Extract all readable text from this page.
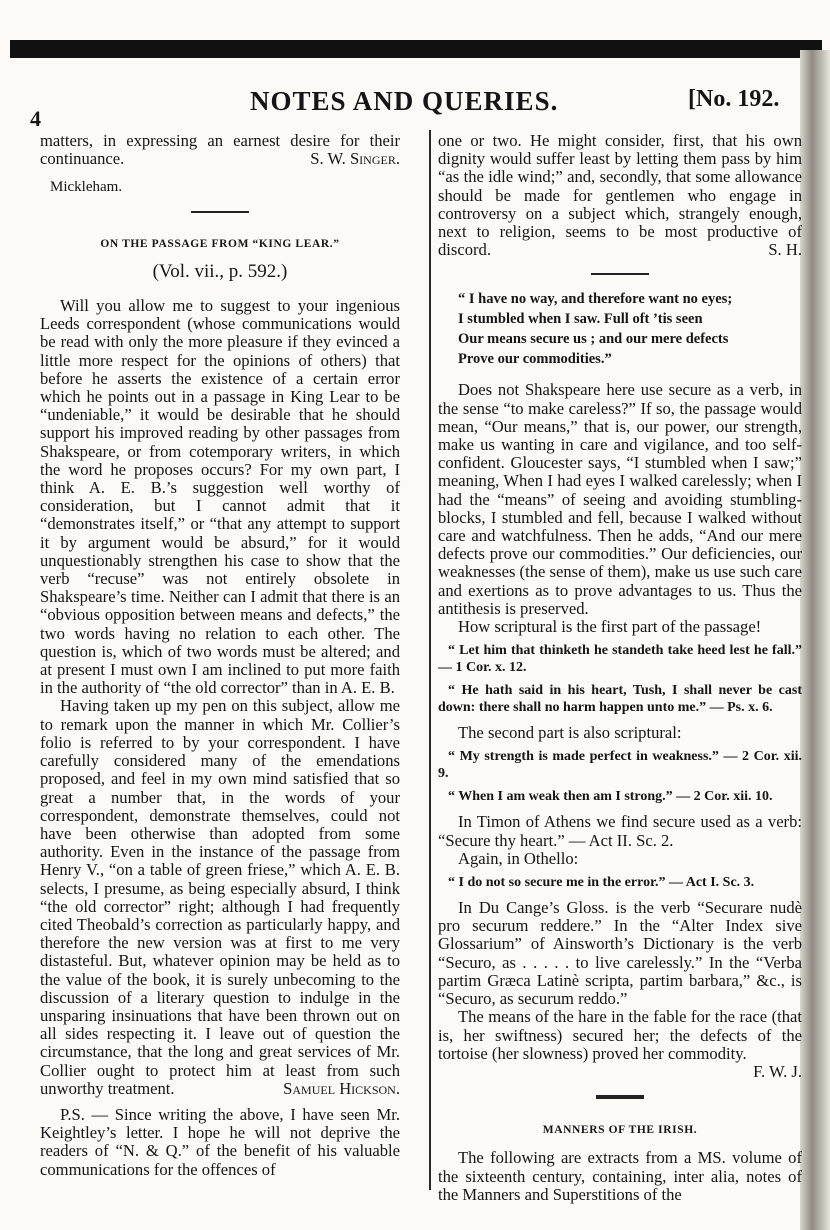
4
NOTES AND QUERIES.	[No. 192.

matters, in expressing an earnest desire for their continuance.	S. W. Singer.

Mickleham.

ON THE PASSAGE FROM “KING LEAR.”
(Vol. vii., p. 592.)

Will you allow me to suggest to your ingenious Leeds correspondent (whose communications would be read with only the more pleasure if they evinced a little more respect for the opinions of others) that before he asserts the existence of a certain error which he points out in a passage in King Lear to be “undeniable,” it would be desirable that he should support his improved reading by other passages from Shakspeare, or from cotemporary writers, in which the word he proposes occurs? For my own part, I think A. E. B.’s suggestion well worthy of consideration, but I cannot admit that it “demonstrates itself,” or “that any attempt to support it by argument would be absurd,” for it would unquestionably strengthen his case to show that the verb “recuse” was not entirely obsolete in Shakspeare’s time. Neither can I admit that there is an “obvious opposition between means and defects,” the two words having no relation to each other. The question is, which of two words must be altered; and at present I must own I am inclined to put more faith in the authority of “the old corrector” than in A. E. B.

Having taken up my pen on this subject, allow me to remark upon the manner in which Mr. Collier’s folio is referred to by your correspondent. I have carefully considered many of the emendations proposed, and feel in my own mind satisfied that so great a number that, in the words of your correspondent, demonstrate themselves, could not have been otherwise than adopted from some authority. Even in the instance of the passage from Henry V., “on a table of green friese,” which A. E. B. selects, I presume, as being especially absurd, I think “the old corrector” right; although I had frequently cited Theobald’s correction as particularly happy, and therefore the new version was at first to me very distasteful. But, whatever opinion may be held as to the value of the book, it is surely unbecoming to the discussion of a literary question to indulge in the unsparing insinuations that have been thrown out on all sides respecting it. I leave out of question the circumstance, that the long and great services of Mr. Collier ought to protect him at least from such unworthy treatment.	Samuel Hickson.

P.S. — Since writing the above, I have seen Mr. Keightley’s letter. I hope he will not deprive the readers of “N. & Q.” of the benefit of his valuable communications for the offences of

one or two. He might consider, first, that his own dignity would suffer least by letting them pass by him “as the idle wind;” and, secondly, that some allowance should be made for gentlemen who engage in controversy on a subject which, strangely enough, next to religion, seems to be most productive of discord.	S. H.

“ I have no way, and therefore want no eyes;
I stumbled when I saw. Full oft ’tis seen
Our means secure us ; and our mere defects
Prove our commodities.”

Does not Shakspeare here use secure as a verb, in the sense “to make careless?” If so, the passage would mean, “Our means,” that is, our power, our strength, make us wanting in care and vigilance, and too self-confident. Gloucester says, “I stumbled when I saw;” meaning, When I had eyes I walked carelessly; when I had the “means” of seeing and avoiding stumbling-blocks, I stumbled and fell, because I walked without care and watchfulness. Then he adds, “And our mere defects prove our commodities.” Our deficiencies, our weaknesses (the sense of them), make us use such care and exertions as to prove advantages to us. Thus the antithesis is preserved.

How scriptural is the first part of the passage!

“ Let him that thinketh he standeth take heed lest he fall.” — 1 Cor. x. 12.

“ He hath said in his heart, Tush, I shall never be cast down: there shall no harm happen unto me.” — Ps. x. 6.

The second part is also scriptural:

“ My strength is made perfect in weakness.” — 2 Cor. xii. 9.

“ When I am weak then am I strong.” — 2 Cor. xii. 10.

In Timon of Athens we find secure used as a verb: “Secure thy heart.” — Act II. Sc. 2.

Again, in Othello:

“ I do not so secure me in the error.” — Act I. Sc. 3.

In Du Cange’s Gloss. is the verb “Securare nudè pro securum reddere.” In the “Alter Index sive Glossarium” of Ainsworth’s Dictionary is the verb “Securo, as . . . . . to live carelessly.” In the “Verba partim Græca Latinè scripta, partim barbara,” &c., is “Securo, as securum reddo.”

The means of the hare in the fable for the race (that is, her swiftness) secured her; the defects of the tortoise (her slowness) proved her commodity.

F. W. J.

MANNERS OF THE IRISH.

The following are extracts from a MS. volume of the sixteenth century, containing, inter alia, notes of the Manners and Superstitions of the
